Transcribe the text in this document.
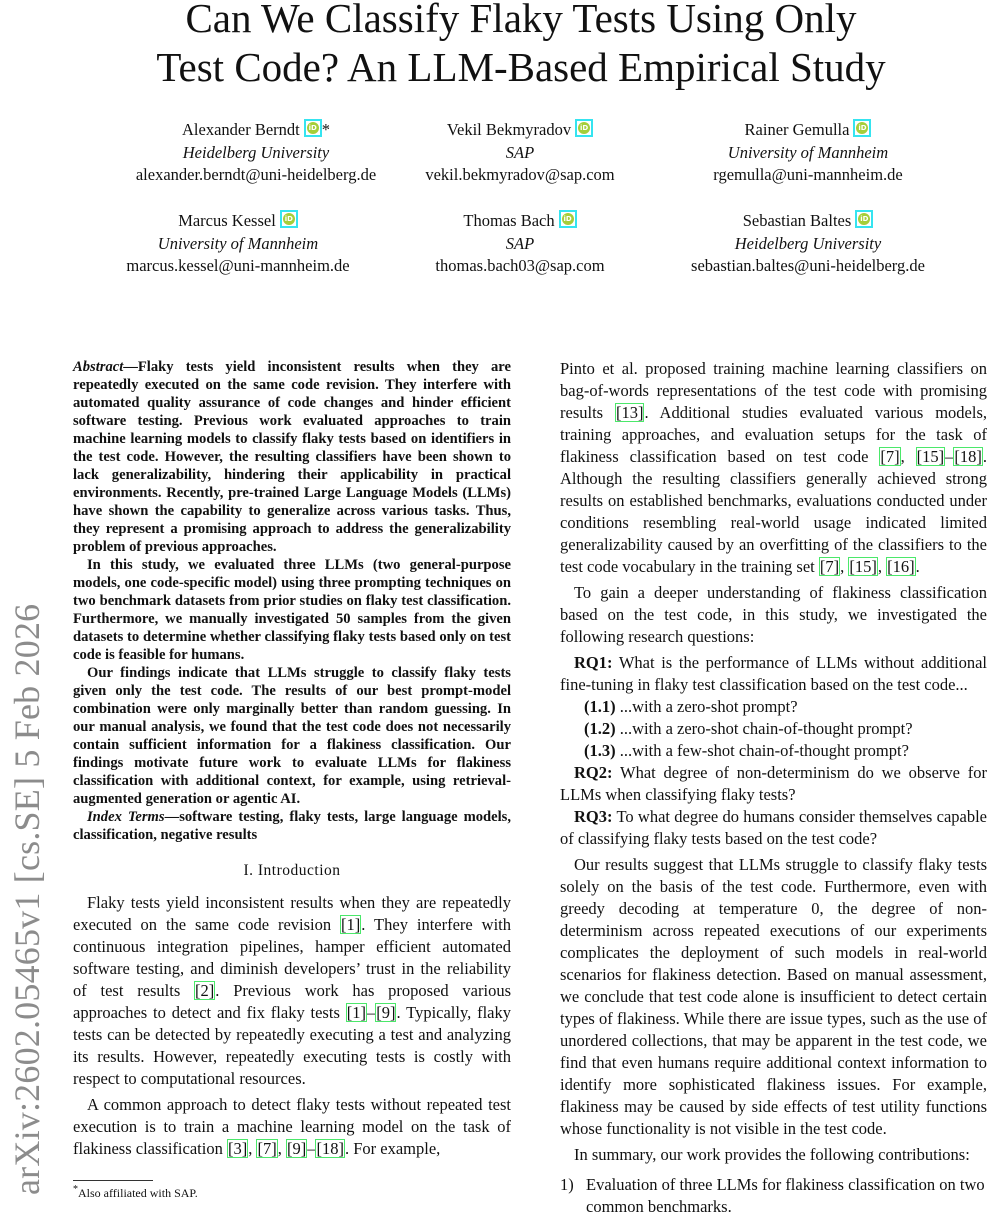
arXiv:2602.05465v1 [cs.SE] 5 Feb 2026
Can We Classify Flaky Tests Using Only
Test Code? An LLM-Based Empirical Study
Alexander Berndt iD *
Heidelberg University
alexander.berndt@uni-heidelberg.de
Vekil Bekmyradov iD
SAP
vekil.bekmyradov@sap.com
Rainer Gemulla iD
University of Mannheim
rgemulla@uni-mannheim.de
Marcus Kessel iD
University of Mannheim
marcus.kessel@uni-mannheim.de
Thomas Bach iD
SAP
thomas.bach03@sap.com
Sebastian Baltes iD
Heidelberg University
sebastian.baltes@uni-heidelberg.de

Abstract—Flaky tests yield inconsistent results when they are repeatedly executed on the same code revision. They interfere with automated quality assurance of code changes and hinder efficient software testing. Previous work evaluated approaches to train machine learning models to classify flaky tests based on identifiers in the test code. However, the resulting classifiers have been shown to lack generalizability, hindering their applicability in practical environments. Recently, pre-trained Large Language Models (LLMs) have shown the capability to generalize across various tasks. Thus, they represent a promising approach to address the generalizability problem of previous approaches.

In this study, we evaluated three LLMs (two general-purpose models, one code-specific model) using three prompting techniques on two benchmark datasets from prior studies on flaky test classification. Furthermore, we manually investigated 50 samples from the given datasets to determine whether classifying flaky tests based only on test code is feasible for humans.

Our findings indicate that LLMs struggle to classify flaky tests given only the test code. The results of our best prompt-model combination were only marginally better than random guessing. In our manual analysis, we found that the test code does not necessarily contain sufficient information for a flakiness classification. Our findings motivate future work to evaluate LLMs for flakiness classification with additional context, for example, using retrieval-augmented generation or agentic AI.

Index Terms—software testing, flaky tests, large language models, classification, negative results

I. Introduction

Flaky tests yield inconsistent results when they are repeatedly executed on the same code revision [1]. They interfere with continuous integration pipelines, hamper efficient automated software testing, and diminish developers’ trust in the reliability of test results [2]. Previous work has proposed various approaches to detect and fix flaky tests [1]–[9]. Typically, flaky tests can be detected by repeatedly executing a test and analyzing its results. However, repeatedly executing tests is costly with respect to computational resources.

A common approach to detect flaky tests without repeated test execution is to train a machine learning model on the task of flakiness classification [3], [7], [9]–[18]. For example,

Pinto et al. proposed training machine learning classifiers on bag-of-words representations of the test code with promising results [13]. Additional studies evaluated various models, training approaches, and evaluation setups for the task of flakiness classification based on test code [7], [15]–[18]. Although the resulting classifiers generally achieved strong results on established benchmarks, evaluations conducted under conditions resembling real-world usage indicated limited generalizability caused by an overfitting of the classifiers to the test code vocabulary in the training set [7], [15], [16].

To gain a deeper understanding of flakiness classification based on the test code, in this study, we investigated the following research questions:

RQ1: What is the performance of LLMs without additional fine-tuning in flaky test classification based on the test code...

(1.1) ...with a zero-shot prompt?

(1.2) ...with a zero-shot chain-of-thought prompt?

(1.3) ...with a few-shot chain-of-thought prompt?

RQ2: What degree of non-determinism do we observe for LLMs when classifying flaky tests?

RQ3: To what degree do humans consider themselves capable of classifying flaky tests based on the test code?

Our results suggest that LLMs struggle to classify flaky tests solely on the basis of the test code. Furthermore, even with greedy decoding at temperature 0, the degree of non-determinism across repeated executions of our experiments complicates the deployment of such models in real-world scenarios for flakiness detection. Based on manual assessment, we conclude that test code alone is insufficient to detect certain types of flakiness. While there are issue types, such as the use of unordered collections, that may be apparent in the test code, we find that even humans require additional context information to identify more sophisticated flakiness issues. For example, flakiness may be caused by side effects of test utility functions whose functionality is not visible in the test code.

In summary, our work provides the following contributions:

1) Evaluation of three LLMs for flakiness classification on two common benchmarks.
*Also affiliated with SAP.
